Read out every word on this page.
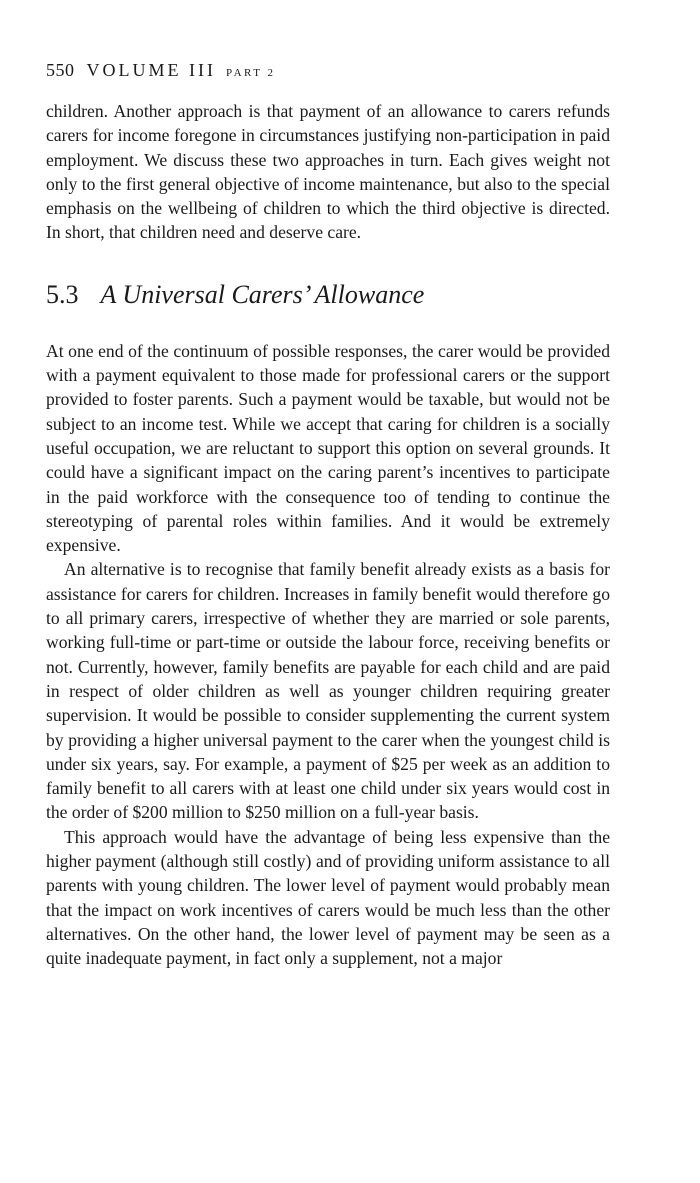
550 VOLUME III PART 2

children. Another approach is that payment of an allowance to carers refunds carers for income foregone in circumstances justifying non-participation in paid employment. We discuss these two approaches in turn. Each gives weight not only to the first general objective of income maintenance, but also to the special emphasis on the wellbeing of children to which the third objective is directed. In short, that children need and deserve care.

5.3 A Universal Carers’ Allowance

At one end of the continuum of possible responses, the carer would be provided with a payment equivalent to those made for professional carers or the support provided to foster parents. Such a payment would be taxable, but would not be subject to an income test. While we accept that caring for children is a socially useful occupation, we are reluctant to support this option on several grounds. It could have a significant impact on the caring parent’s incentives to participate in the paid workforce with the consequence too of tending to continue the stereotyping of parental roles within families. And it would be extremely expensive.

An alternative is to recognise that family benefit already exists as a basis for assistance for carers for children. Increases in family benefit would therefore go to all primary carers, irrespective of whether they are married or sole parents, working full-time or part-time or outside the labour force, receiving benefits or not. Currently, however, family benefits are payable for each child and are paid in respect of older children as well as younger children requiring greater supervision. It would be possible to consider supplementing the current system by providing a higher universal payment to the carer when the youngest child is under six years, say. For example, a payment of $25 per week as an addition to family benefit to all carers with at least one child under six years would cost in the order of $200 million to $250 million on a full-year basis.

This approach would have the advantage of being less expensive than the higher payment (although still costly) and of providing uniform assistance to all parents with young children. The lower level of payment would probably mean that the impact on work incentives of carers would be much less than the other alternatives. On the other hand, the lower level of payment may be seen as a quite inadequate payment, in fact only a supplement, not a major
